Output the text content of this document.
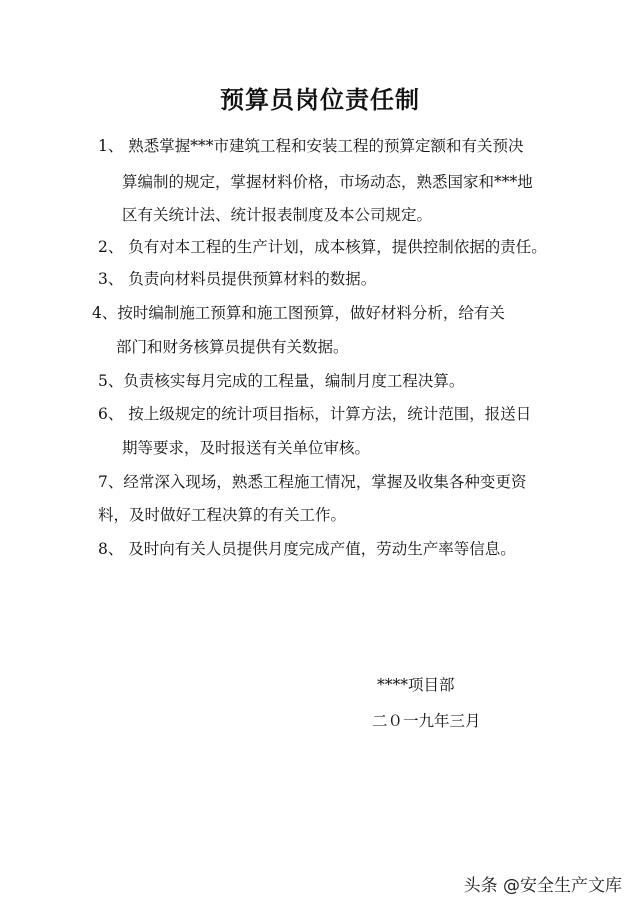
预算员岗位责任制
1、 熟悉掌握***市建筑工程和安装工程的预算定额和有关预决
算编制的规定，掌握材料价格，市场动态，熟悉国家和***地
区有关统计法、统计报表制度及本公司规定。
2、 负有对本工程的生产计划，成本核算，提供控制依据的责任。
3、 负责向材料员提供预算材料的数据。
4、按时编制施工预算和施工图预算，做好材料分析，给有关
部门和财务核算员提供有关数据。
5、负责核实每月完成的工程量，编制月度工程决算。
6、 按上级规定的统计项目指标，计算方法，统计范围，报送日
期等要求，及时报送有关单位审核。
7、经常深入现场，熟悉工程施工情况，掌握及收集各种变更资
料，及时做好工程决算的有关工作。
8、 及时向有关人员提供月度完成产值，劳动生产率等信息。
****项目部
二０一九年三月
头条 @安全生产文库
